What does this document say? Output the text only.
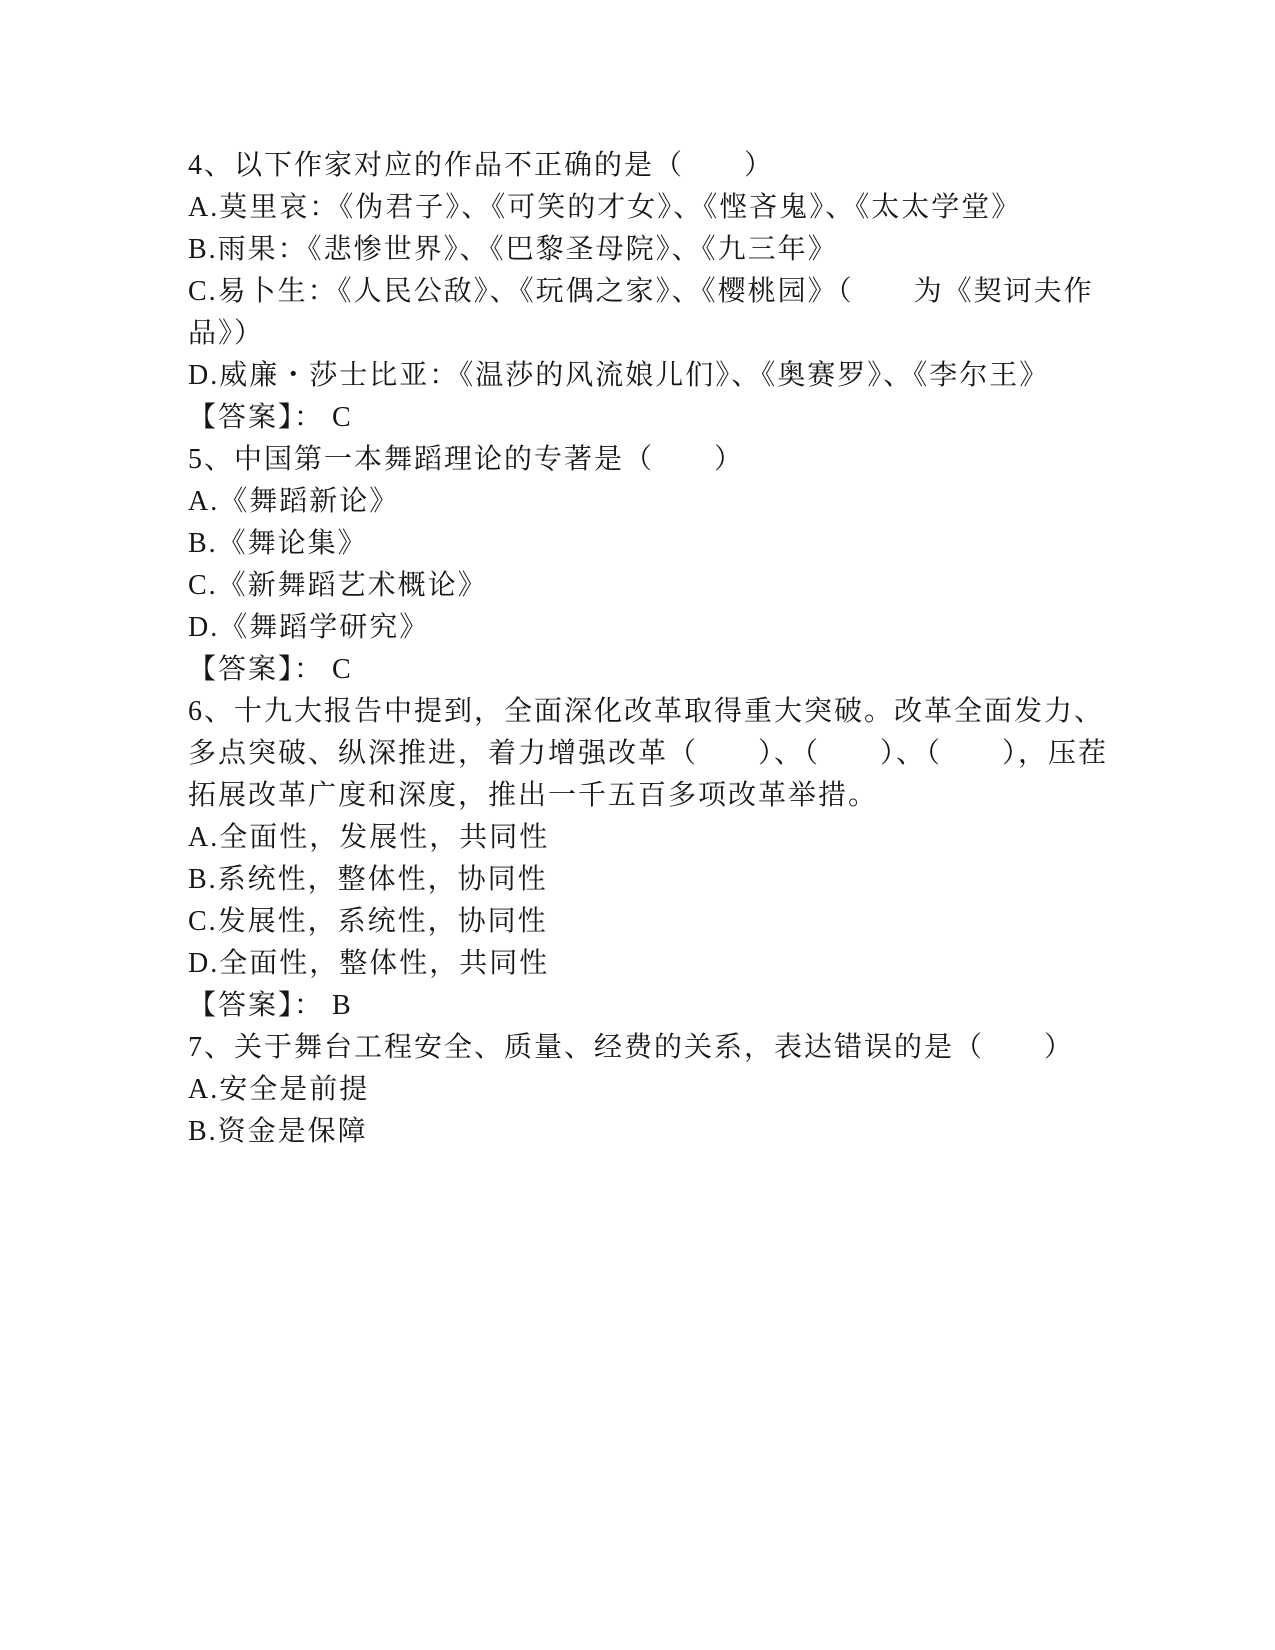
4、以下作家对应的作品不正确的是（　　）

A.莫里哀：《伪君子》、《可笑的才女》、《悭吝鬼》、《太太学堂》

B.雨果：《悲惨世界》、《巴黎圣母院》、《九三年》

C.易卜生：《人民公敌》、《玩偶之家》、《樱桃园》（　　为《契诃夫作品》）

D.威廉・莎士比亚：《温莎的风流娘儿们》、《奥赛罗》、《李尔王》

【答案】： C

5、中国第一本舞蹈理论的专著是（　　）

A.《舞蹈新论》

B.《舞论集》

C.《新舞蹈艺术概论》

D.《舞蹈学研究》

【答案】： C

6、十九大报告中提到，全面深化改革取得重大突破。改革全面发力、多点突破、纵深推进，着力增强改革（　　）、（　　）、（　　），压茬拓展改革广度和深度，推出一千五百多项改革举措。

A.全面性，发展性，共同性

B.系统性，整体性，协同性

C.发展性，系统性，协同性

D.全面性，整体性，共同性

【答案】： B

7、关于舞台工程安全、质量、经费的关系，表达错误的是（　　）

A.安全是前提

B.资金是保障
